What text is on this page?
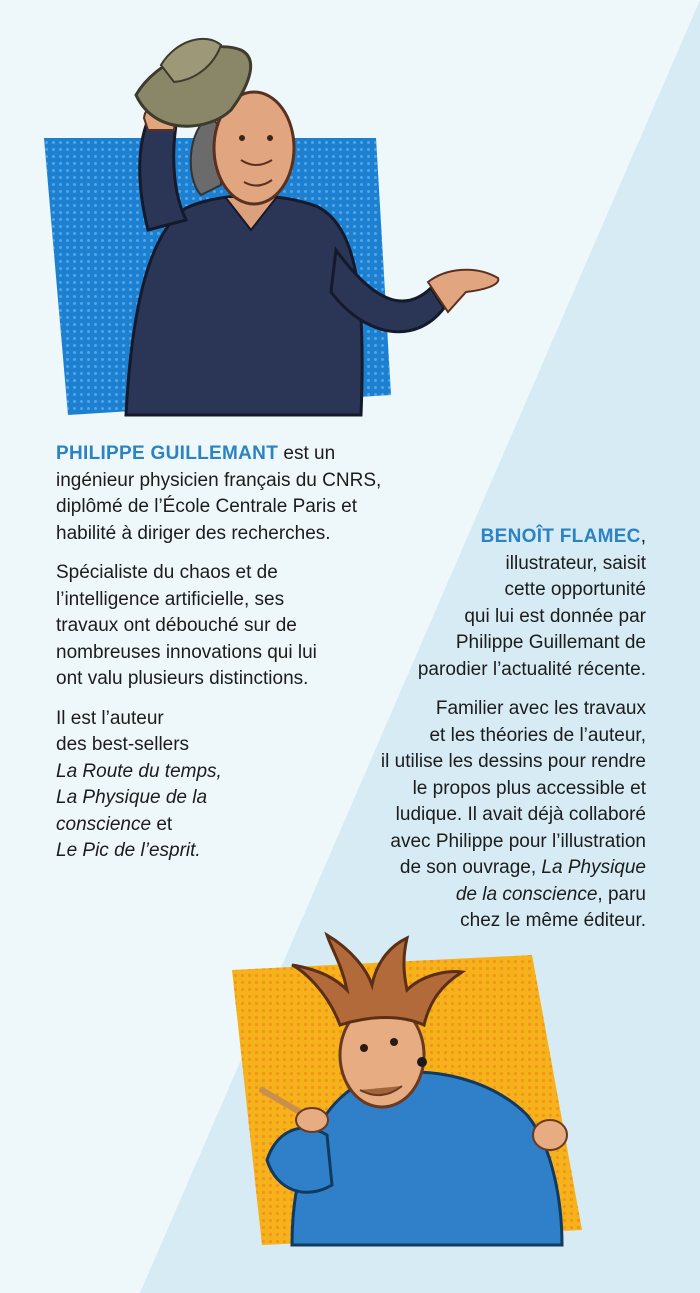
PHILIPPE GUILLEMANT est un ingénieur physicien français du CNRS, diplômé de l’École Centrale Paris et habilité à diriger des recherches.

Spécialiste du chaos et de l’intelligence artificielle, ses travaux ont débouché sur de nombreuses innovations qui lui ont valu plusieurs distinctions.

Il est l’auteur
des best-sellers
La Route du temps,
La Physique de la
conscience et
Le Pic de l’esprit.

BENOÎT FLAMEC,
illustrateur, saisit
cette opportunité
qui lui est donnée par
Philippe Guillemant de
parodier l’actualité récente.

Familier avec les travaux
et les théories de l’auteur,
il utilise les dessins pour rendre
le propos plus accessible et
ludique. Il avait déjà collaboré
avec Philippe pour l’illustration
de son ouvrage, La Physique
de la conscience, paru
chez le même éditeur.
